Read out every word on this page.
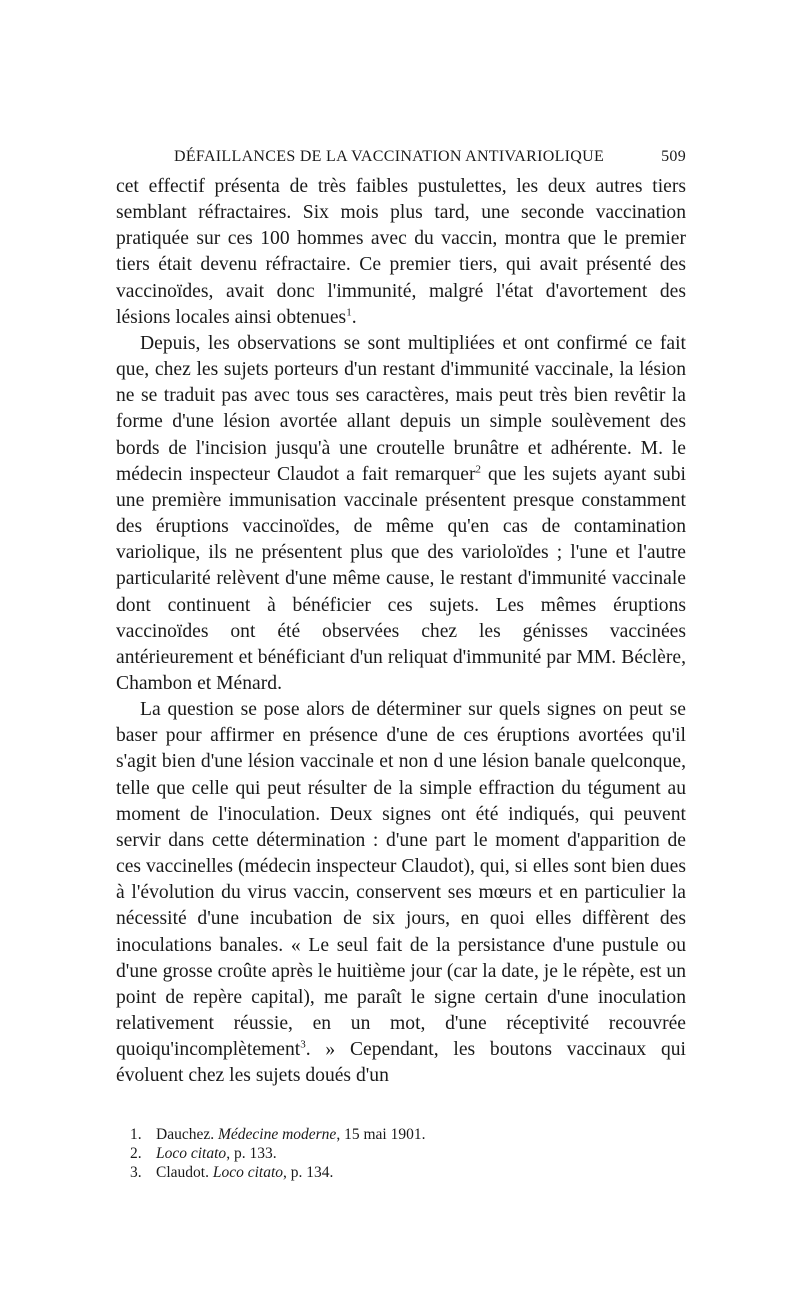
DÉFAILLANCES DE LA VACCINATION ANTIVARIOLIQUE	509

cet effectif présenta de très faibles pustulettes, les deux autres tiers semblant réfractaires. Six mois plus tard, une seconde vaccination pratiquée sur ces 100 hommes avec du vaccin, montra que le premier tiers était devenu réfractaire. Ce premier tiers, qui avait présenté des vaccinoïdes, avait donc l'immunité, malgré l'état d'avortement des lésions locales ainsi obtenues$^1$.

Depuis, les observations se sont multipliées et ont confirmé ce fait que, chez les sujets porteurs d'un restant d'immunité vaccinale, la lésion ne se traduit pas avec tous ses caractères, mais peut très bien revêtir la forme d'une lésion avortée allant depuis un simple soulèvement des bords de l'incision jusqu'à une croutelle brunâtre et adhérente. M. le médecin inspecteur Claudot a fait remarquer$^2$ que les sujets ayant subi une première immunisation vaccinale présentent presque constamment des éruptions vaccinoïdes, de même qu'en cas de contamination variolique, ils ne présentent plus que des varioloïdes ; l'une et l'autre particularité relèvent d'une même cause, le restant d'immunité vaccinale dont continuent à bénéficier ces sujets. Les mêmes éruptions vaccinoïdes ont été observées chez les génisses vaccinées antérieurement et bénéficiant d'un reliquat d'immunité par MM. Béclère, Chambon et Ménard.

La question se pose alors de déterminer sur quels signes on peut se baser pour affirmer en présence d'une de ces éruptions avortées qu'il s'agit bien d'une lésion vaccinale et non d une lésion banale quelconque, telle que celle qui peut résulter de la simple effraction du tégument au moment de l'inoculation. Deux signes ont été indiqués, qui peuvent servir dans cette détermination : d'une part le moment d'apparition de ces vaccinelles (médecin inspecteur Claudot), qui, si elles sont bien dues à l'évolution du virus vaccin, conservent ses mœurs et en particulier la nécessité d'une incubation de six jours, en quoi elles diffèrent des inoculations banales. « Le seul fait de la persistance d'une pustule ou d'une grosse croûte après le huitième jour (car la date, je le répète, est un point de repère capital), me paraît le signe certain d'une inoculation relativement réussie, en un mot, d'une réceptivité recouvrée quoiqu'incomplètement$^3$. » Cependant, les boutons vaccinaux qui évoluent chez les sujets doués d'un

1. Dauchez. Médecine moderne, 15 mai 1901.
2. Loco citato, p. 133.
3. Claudot. Loco citato, p. 134.
